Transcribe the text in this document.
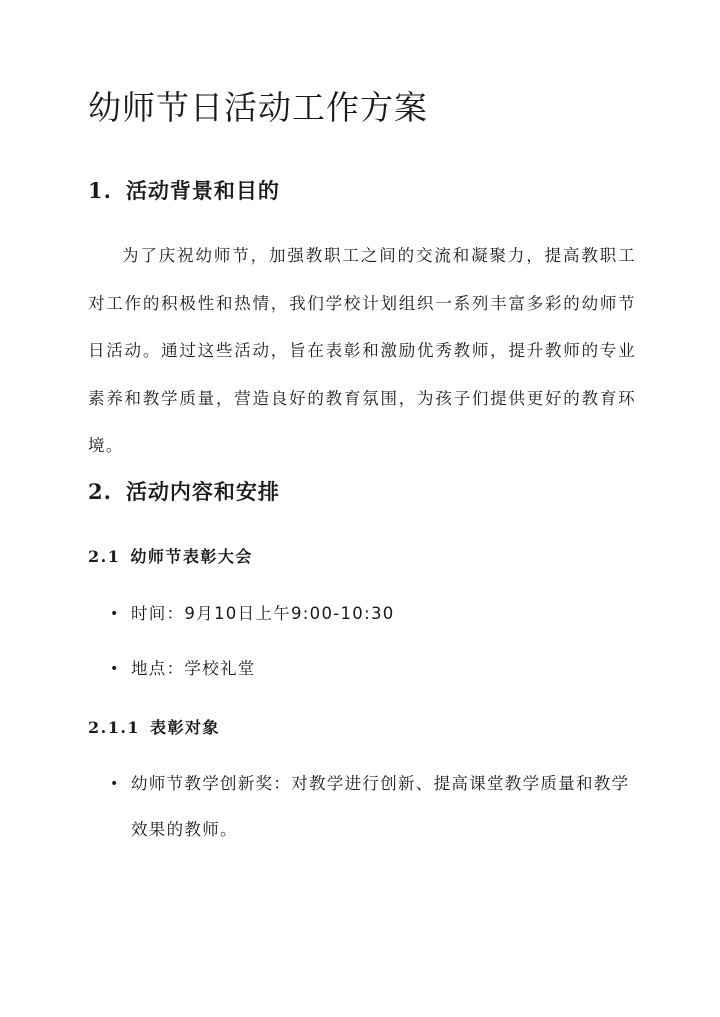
幼师节日活动工作方案
1. 活动背景和目的

为了庆祝幼师节，加强教职工之间的交流和凝聚力，提高教职工对工作的积极性和热情，我们学校计划组织一系列丰富多彩的幼师节日活动。通过这些活动，旨在表彰和激励优秀教师，提升教师的专业素养和教学质量，营造良好的教育氛围，为孩子们提供更好的教育环境。

2. 活动内容和安排
2.1 幼师节表彰大会
• 时间：9月10日上午9:00-10:30
• 地点：学校礼堂
2.1.1 表彰对象
• 幼师节教学创新奖：对教学进行创新、提高课堂教学质量和教学效果的教师。
